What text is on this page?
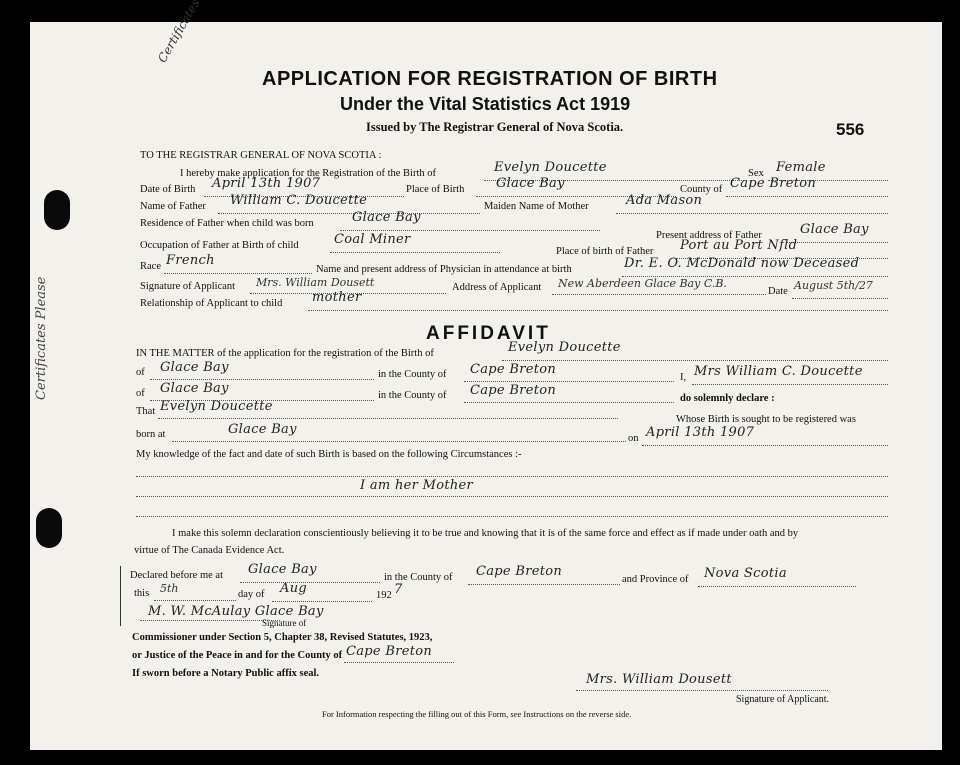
Certificates Please
APPLICATION FOR REGISTRATION OF BIRTH
Under the Vital Statistics Act 1919
Issued by The Registrar General of Nova Scotia.	556
TO THE REGISTRAR GENERAL OF NOVA SCOTIA :
I hereby make application for the Registration of the Birth of	Evelyn Doucette	Sex Female
Date of Birth April 13th 1907	Place of Birth Glace Bay	County of Cape Breton
Name of Father William C. Doucette	Maiden Name of Mother	Ada Mason
Residence of Father when child was born	Glace Bay
Present address of Father	Glace Bay
Occupation of Father at Birth of child	Coal Miner
Place of birth of Father Port au Port Nfld
Race French
Name and present address of Physician in attendance at birth	Dr. E. O. McDonald now Deceased
Signature of Applicant Mrs. William Dousett	Address of Applicant New Aberdeen Glace Bay C.B.
Date August 5th/27
Relationship of Applicant to child mother
AFFIDAVIT
IN THE MATTER of the application for the registration of the Birth of	Evelyn Doucette
of Glace Bay	in the County of Cape Breton
I, Mrs William C. Doucette
of Glace Bay	in the County of Cape Breton
do solemnly declare :
That Evelyn Doucette
Whose Birth is sought to be registered was
born at	Glace Bay
on April 13th 1907
My knowledge of the fact and date of such Birth is based on the following Circumstances :-
I am her Mother
I make this solemn declaration conscientiously believing it to be true and knowing that it is of the same force and effect as if made under oath and by
virtue of The Canada Evidence Act.
Declared before me at Glace Bay
in the County of Cape Breton
and Province of Nova Scotia
this 5th	day of Aug	192 7
M. W. McAulay Glace Bay
Signature of
Commissioner under Section 5, Chapter 38, Revised Statutes, 1923,
or Justice of the Peace in and for the County of Cape Breton
If sworn before a Notary Public affix seal.	Mrs. William Dousett
Signature of Applicant.
For Information respecting the filling out of this Form, see Instructions on the reverse side.
